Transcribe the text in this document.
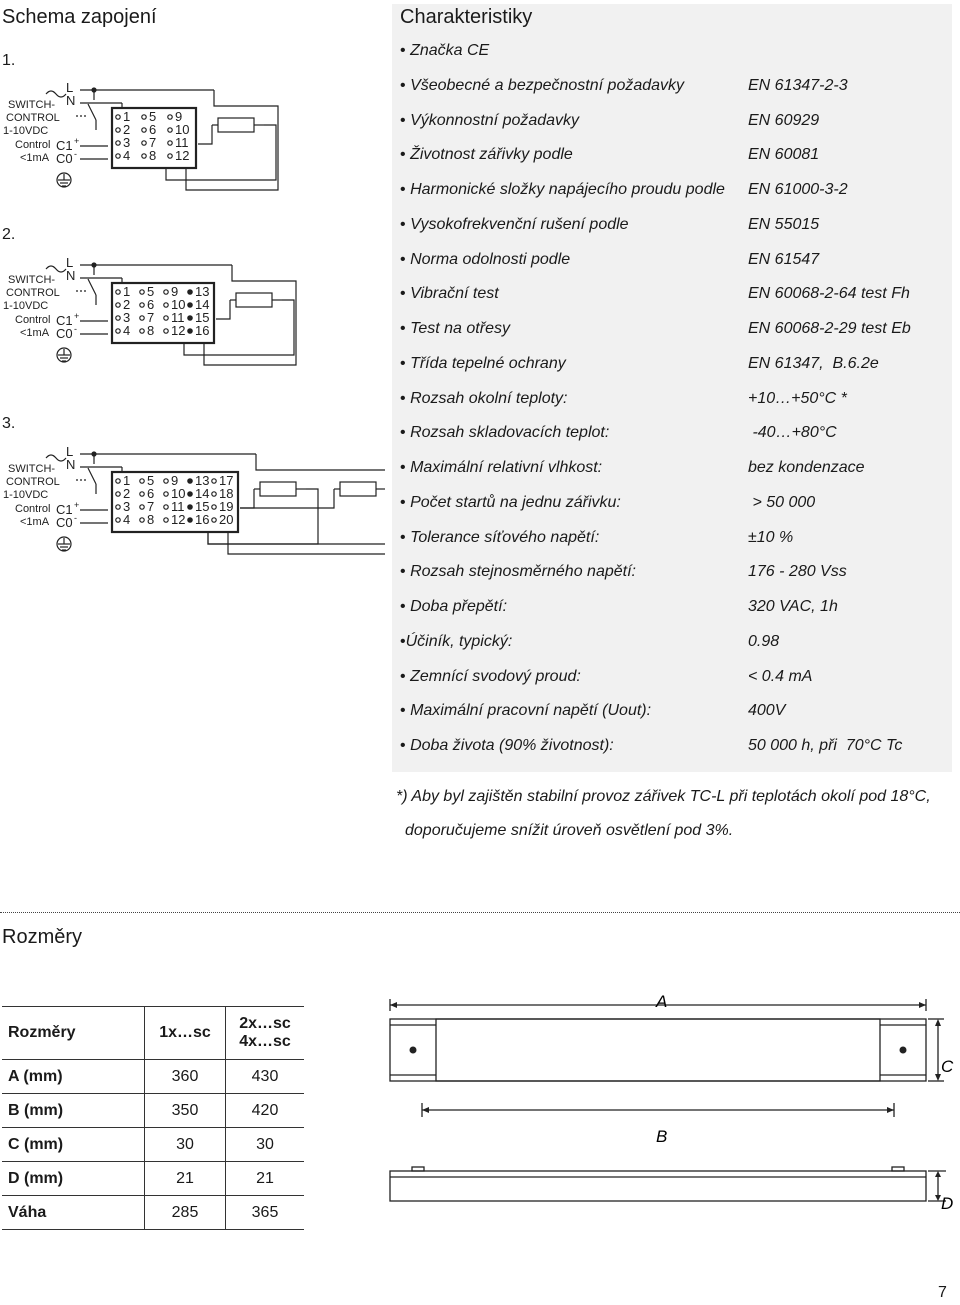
Schema zapojení
1.
2.
3.
SWITCH-
CONTROL
1-10VDC
Control
<1mA
C1
C0
+
-
L
N
1
2
3
4
5
6
7
8
9
10
11
12
SWITCH-
CONTROL
1-10VDC
Control
<1mA
C1
C0
+
-
L
N
1
2
3
4
5
6
7
8
9
10
11
12
13
14
15
16
SWITCH-
CONTROL
1-10VDC
Control
<1mA
C1
C0
+
-
L
N
1
2
3
4
5
6
7
8
9
10
11
12
13
14
15
16
17
18
19
20
Charakteristiky
• Značka CE
• Všeobecné a bezpečnostní požadavky	EN 61347-2-3
• Výkonnostní požadavky	EN 60929
• Životnost zářivky podle	EN 60081
• Harmonické složky napájecího proudu podle EN 61000-3-2
• Vysokofrekvenční rušení podle	EN 55015
• Norma odolnosti podle	EN 61547
• Vibrační test	EN 60068-2-64 test Fh
• Test na otřesy	EN 60068-2-29 test Eb
• Třída tepelné ochrany	EN 61347,  B.6.2e
• Rozsah okolní teploty:	+10…+50°C *
• Rozsah skladovacích teplot:	-40…+80°C
• Maximální relativní vlhkost:	bez kondenzace
• Počet startů na jednu zářivku:	> 50 000
• Tolerance síťového napětí:	±10 %
• Rozsah stejnosměrného napětí:	176 - 280 Vss
• Doba přepětí:	320 VAC, 1h
•Účiník, typický:	0.98
• Zemnící svodový proud:	< 0.4 mA
• Maximální pracovní napětí (Uout):	400V
• Doba života (90% životnost):	50 000 h, při  70°C Tc
*) Aby byl zajištěn stabilní provoz zářivek TC-L při teplotách okolí pod 18°C,
doporučujeme snížit úroveň osvětlení pod 3%.
Rozměry
Rozměry	1x…sc	2x…sc
4x…sc
A (mm)	360	430
B (mm)	350	420
C (mm)	30	30
D (mm)	21	21
Váha	285	365
A
B
C
D
7
